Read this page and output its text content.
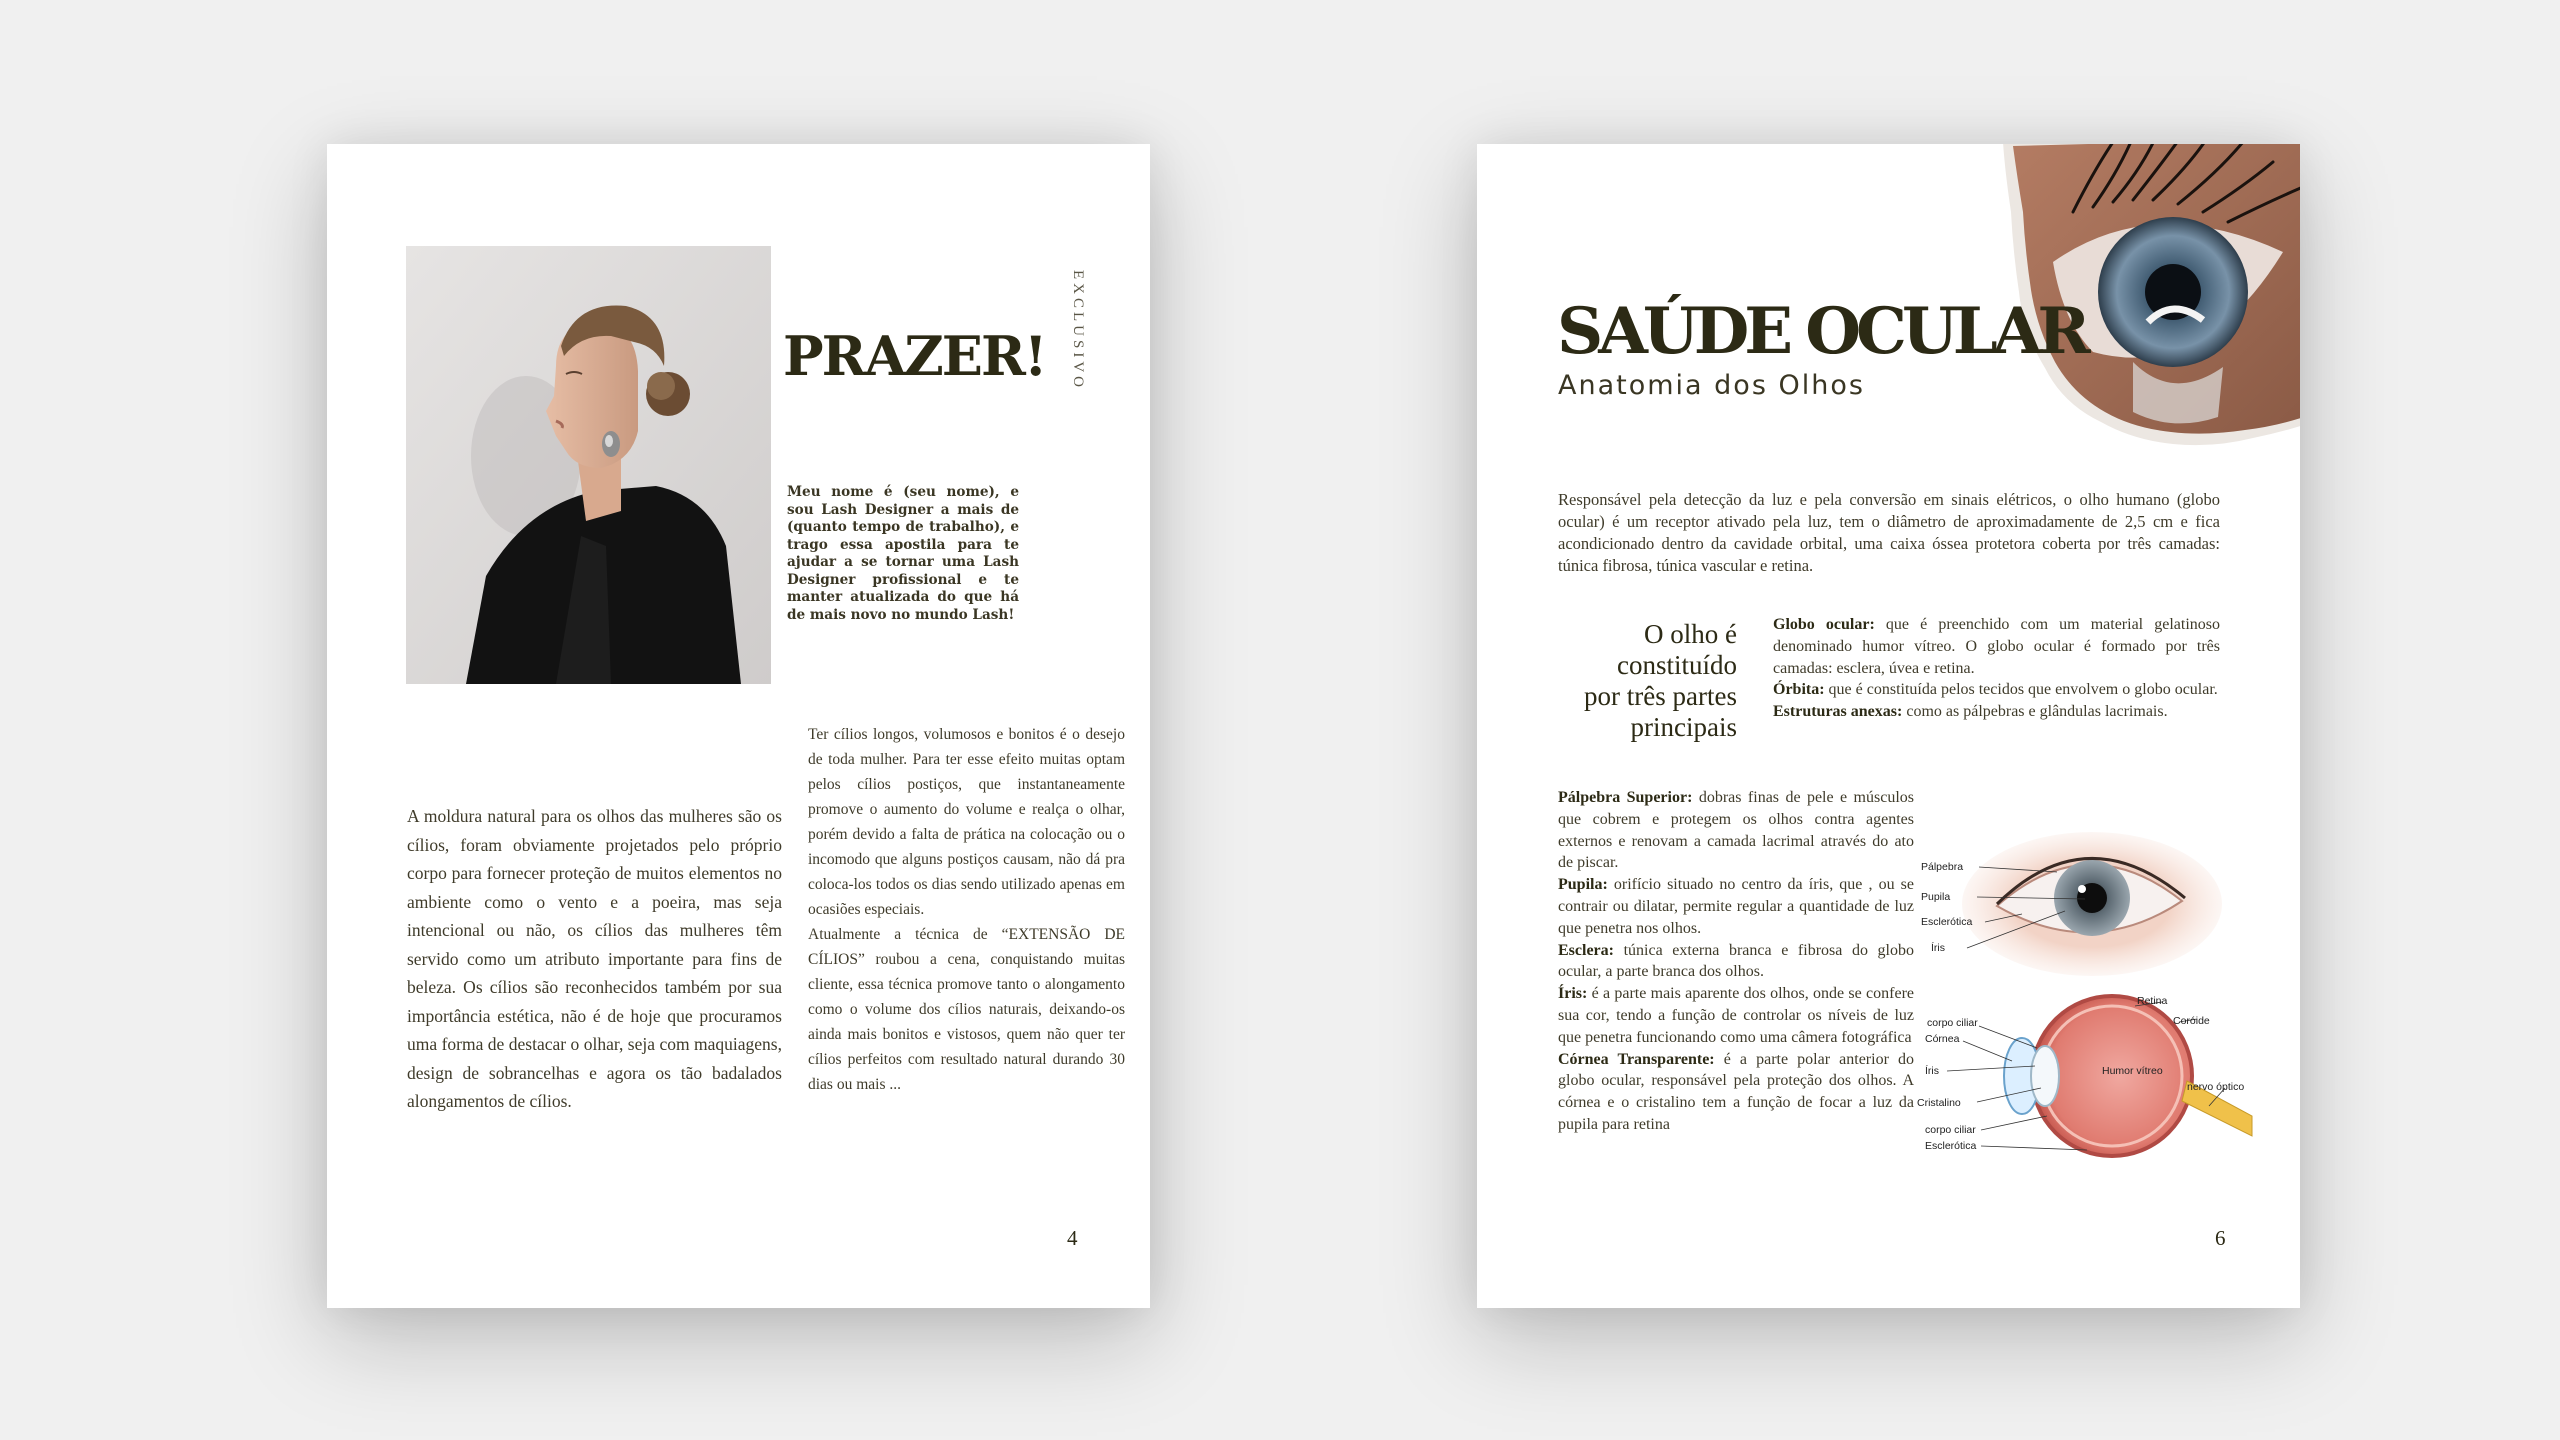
PRAZER! EXCLUSIVO

Meu nome é (seu nome), e sou Lash Designer a mais de (quanto tempo de trabalho), e trago essa apostila para te ajudar a se tornar uma Lash Designer profissional e te manter atualizada do que há de mais novo no mundo Lash!

A moldura natural para os olhos das mulheres são os cílios, foram obviamente projetados pelo próprio corpo para fornecer proteção de muitos elementos no ambiente como o vento e a poeira, mas seja intencional ou não, os cílios das mulheres têm servido como um atributo importante para fins de beleza. Os cílios são reconhecidos também por sua importância estética, não é de hoje que procuramos uma forma de destacar o olhar, seja com maquiagens, design de sobrancelhas e agora os tão badalados alongamentos de cílios.

Ter cílios longos, volumosos e bonitos é o desejo de toda mulher. Para ter esse efeito muitas optam pelos cílios postiços, que instantaneamente promove o aumento do volume e realça o olhar, porém devido a falta de prática na colocação ou o incomodo que alguns postiços causam, não dá pra coloca-los todos os dias sendo utilizado apenas em ocasiões especiais.

Atualmente a técnica de “EXTENSÃO DE CÍLIOS” roubou a cena, conquistando muitas cliente, essa técnica promove tanto o alongamento como o volume dos cílios naturais, deixando-os ainda mais bonitos e vistosos, quem não quer ter cílios perfeitos com resultado natural durando 30 dias ou mais ...

4
SAÚDE OCULAR
Anatomia dos Olhos

Responsável pela detecção da luz e pela conversão em sinais elétricos, o olho humano (globo ocular) é um receptor ativado pela luz, tem o diâmetro de aproximadamente de 2,5 cm e fica acondicionado dentro da cavidade orbital, uma caixa óssea protetora coberta por três camadas: túnica fibrosa, túnica vascular e retina.

O olho é
constituído
por três partes
principais

Globo ocular: que é preenchido com um material gelatinoso denominado humor vítreo. O globo ocular é formado por três camadas: esclera, úvea e retina.

Órbita: que é constituída pelos tecidos que envolvem o globo ocular.

Estruturas anexas: como as pálpebras e glândulas lacrimais.

Pálpebra Superior: dobras finas de pele e músculos que cobrem e protegem os olhos contra agentes externos e renovam a camada lacrimal através do ato de piscar.

Pupila: orifício situado no centro da íris, que , ou se contrair ou dilatar, permite regular a quantidade de luz que penetra nos olhos.

Esclera: túnica externa branca e fibrosa do globo ocular, a parte branca dos olhos.

Íris: é a parte mais aparente dos olhos, onde se confere sua cor, tendo a função de controlar os níveis de luz que penetra funcionando como uma câmera fotográfica

Córnea Transparente: é a parte polar anterior do globo ocular, responsável pela proteção dos olhos. A córnea e o cristalino tem a função de focar a luz da pupila para retina

Pálpebra
Pupila
Esclerótica
Íris
Humor vítreo
corpo ciliar
Córnea
Íris
Cristalino
corpo ciliar
Esclerótica
Retina
Coróide
nervo óptico
6
